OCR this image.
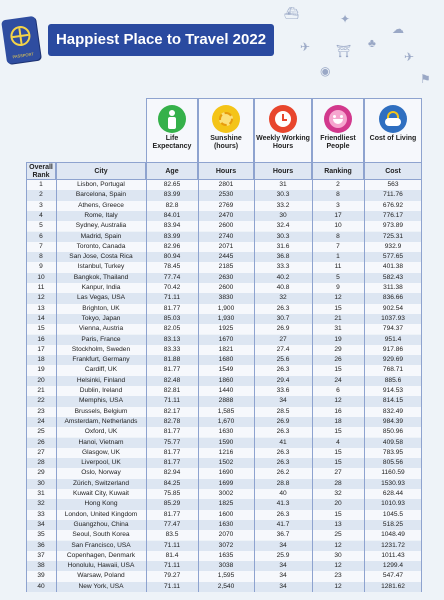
PASSPORT
Happiest Place to Travel 2022
⛴	✦
☁
✈ ⛩
♣
✈
◉
⚑
Life Expectancy
Sunshine (hours)
Weekly Working Hours
Friendliest People
Cost of Living
Overall Rank
City	Age	Hours	Hours	Ranking	Cost
1	Lisbon, Portugal	82.65	2801	31	2	563
2	Barcelona, Spain	83.99	2530	30.3	8	711.76
3	Athens, Greece	82.8	2769	33.2	3	676.92
4	Rome, Italy	84.01	2470	30	17	776.17
5	Sydney, Australia	83.94	2600	32.4	10	973.89
6	Madrid, Spain	83.99	2740	30.3	8	725.31
7	Toronto, Canada	82.96	2071	31.6	7	932.9
8	San Jose, Costa Rica	80.94	2445	36.8	1	577.65
9	Istanbul, Turkey	78.45	2185	33.3	11	401.38
10	Bangkok, Thailand	77.74	2630	40.2	5	582.43
11	Kanpur, India	70.42	2600	40.8	9	311.38
12	Las Vegas, USA	71.11	3830	32	12	836.66
13	Brighton, UK	81.77	1,900	26.3	15	902.54
14	Tokyo, Japan	85.03	1,930	30.7	21	1037.93
15	Vienna, Austria	82.05	1925	26.9	31	794.37
16	Paris, France	83.13	1670	27	19	951.4
17	Stockholm, Sweden	83.33	1821	27.4	29	917.86
18	Frankfurt, Germany	81.88	1680	25.6	26	929.69
19	Cardiff, UK	81.77	1549	26.3	15	768.71
20	Helsinki, Finland	82.48	1860	29.4	24	885.6
21	Dublin, Ireland	82.81	1440	33.6	6	914.53
22	Memphis, USA	71.11	2888	34	12	814.15
23	Brussels, Belgium	82.17	1,585	28.5	16	832.49
24	Amsterdam, Netherlands	82.78	1,670	26.9	18	984.39
25	Oxford, UK	81.77	1630	26.3	15	850.96
26	Hanoi, Vietnam	75.77	1590	41	4	409.58
27	Glasgow, UK	81.77	1216	26.3	15	783.95
28	Liverpool, UK	81.77	1502	26.3	15	805.56
29	Oslo, Norway	82.94	1690	26.2	27	1160.59
30	Zürich, Switzerland	84.25	1699	28.8	28	1530.93
31	Kuwait City, Kuwait	75.85	3002	40	32	628.44
32	Hong Kong	85.29	1825	41.3	20	1010.93
33	London, United Kingdom	81.77	1600	26.3	15	1045.5
34	Guangzhou, China	77.47	1630	41.7	13	518.25
35	Seoul, South Korea	83.5	2070	36.7	25	1048.49
36	San Francisco, USA	71.11	3072	34	12	1231.72
37	Copenhagen, Denmark	81.4	1635	25.9	30	1011.43
38	Honolulu, Hawaii, USA	71.11	3038	34	12	1299.4
39	Warsaw, Poland	79.27	1,595	34	23	547.47
40	New York, USA	71.11	2,540	34	12	1281.62
